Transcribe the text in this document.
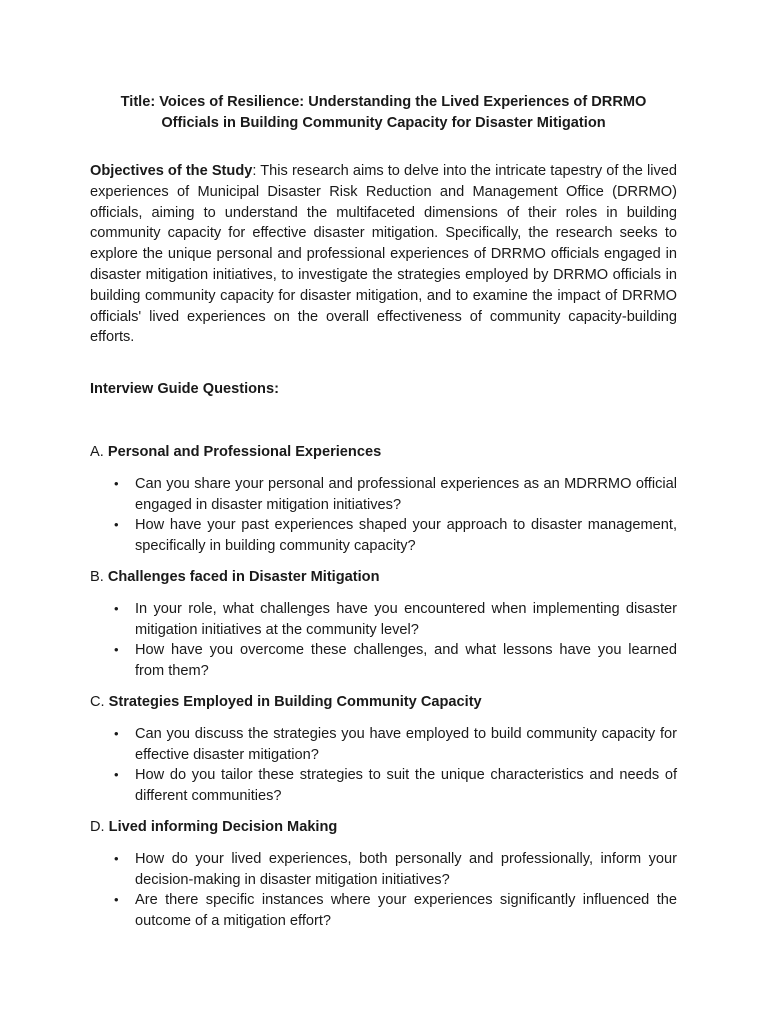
Title: Voices of Resilience: Understanding the Lived Experiences of DRRMO
Officials in Building Community Capacity for Disaster Mitigation

Objectives of the Study: This research aims to delve into the intricate tapestry of the lived experiences of Municipal Disaster Risk Reduction and Management Office (DRRMO) officials, aiming to understand the multifaceted dimensions of their roles in building community capacity for effective disaster mitigation. Specifically, the research seeks to explore the unique personal and professional experiences of DRRMO officials engaged in disaster mitigation initiatives, to investigate the strategies employed by DRRMO officials in building community capacity for disaster mitigation, and to examine the impact of DRRMO officials' lived experiences on the overall effectiveness of community capacity-building efforts.

Interview Guide Questions:

A. Personal and Professional Experiences

• Can you share your personal and professional experiences as an MDRRMO official engaged in disaster mitigation initiatives?
• How have your past experiences shaped your approach to disaster management, specifically in building community capacity?

B. Challenges faced in Disaster Mitigation

• In your role, what challenges have you encountered when implementing disaster mitigation initiatives at the community level?
• How have you overcome these challenges, and what lessons have you learned from them?

C. Strategies Employed in Building Community Capacity

• Can you discuss the strategies you have employed to build community capacity for effective disaster mitigation?
• How do you tailor these strategies to suit the unique characteristics and needs of different communities?

D. Lived informing Decision Making

• How do your lived experiences, both personally and professionally, inform your decision-making in disaster mitigation initiatives?
• Are there specific instances where your experiences significantly influenced the outcome of a mitigation effort?
